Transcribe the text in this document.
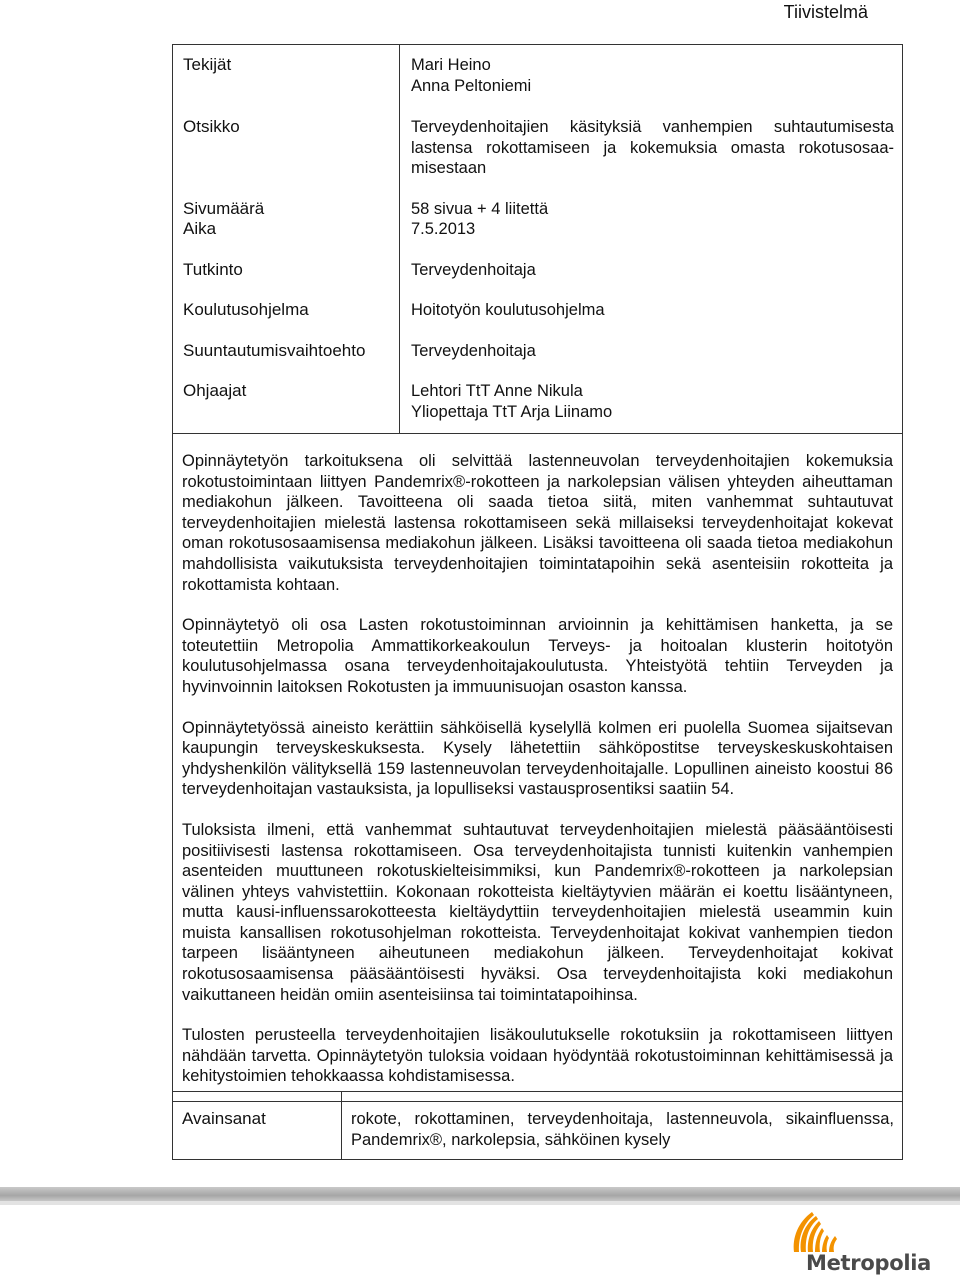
Tiivistelmä
Tekijät	Mari Heino
Anna Peltoniemi
Otsikko	Terveydenhoitajien käsityksiä vanhempien suhtautumisesta lastensa rokottamiseen ja kokemuksia omasta rokotusosaa-misestaan
Sivumäärä	58 sivua + 4 liitettä
Aika	7.5.2013
Tutkinto	Terveydenhoitaja
Koulutusohjelma	Hoitotyön koulutusohjelma
Suuntautumisvaihtoehto	Terveydenhoitaja
Ohjaajat	Lehtori TtT Anne Nikula
Yliopettaja TtT Arja Liinamo

Opinnäytetyön tarkoituksena oli selvittää lastenneuvolan terveydenhoitajien kokemuksia rokotustoimintaan liittyen Pandemrix®-rokotteen ja narkolepsian välisen yhteyden aiheuttaman mediakohun jälkeen. Tavoitteena oli saada tietoa siitä, miten vanhemmat suhtautuvat terveydenhoitajien mielestä lastensa rokottamiseen sekä millaiseksi terveydenhoitajat kokevat oman rokotusosaamisensa mediakohun jälkeen. Lisäksi tavoitteena oli saada tietoa mediakohun mahdollisista vaikutuksista terveydenhoitajien toimintatapoihin sekä asenteisiin rokotteita ja rokottamista kohtaan.

Opinnäytetyö oli osa Lasten rokotustoiminnan arvioinnin ja kehittämisen hanketta, ja se toteutettiin Metropolia Ammattikorkeakoulun Terveys- ja hoitoalan klusterin hoitotyön koulutusohjelmassa osana terveydenhoitajakoulutusta. Yhteistyötä tehtiin Terveyden ja hyvinvoinnin laitoksen Rokotusten ja immuunisuojan osaston kanssa.

Opinnäytetyössä aineisto kerättiin sähköisellä kyselyllä kolmen eri puolella Suomea sijaitsevan kaupungin terveyskeskuksesta. Kysely lähetettiin sähköpostitse terveyskeskuskohtaisen yhdyshenkilön välityksellä 159 lastenneuvolan terveydenhoitajalle. Lopullinen aineisto koostui 86 terveydenhoitajan vastauksista, ja lopulliseksi vastausprosentiksi saatiin 54.

Tuloksista ilmeni, että vanhemmat suhtautuvat terveydenhoitajien mielestä pääsääntöisesti positiivisesti lastensa rokottamiseen. Osa terveydenhoitajista tunnisti kuitenkin vanhempien asenteiden muuttuneen rokotuskielteisimmiksi, kun Pandemrix®-rokotteen ja narkolepsian välinen yhteys vahvistettiin. Kokonaan rokotteista kieltäytyvien määrän ei koettu lisääntyneen, mutta kausi-influenssarokotteesta kieltäydyttiin terveydenhoitajien mielestä useammin kuin muista kansallisen rokotusohjelman rokotteista. Terveydenhoitajat kokivat vanhempien tiedon tarpeen lisääntyneen aiheutuneen mediakohun jälkeen. Terveydenhoitajat kokivat rokotusosaamisensa pääsääntöisesti hyväksi. Osa terveydenhoitajista koki mediakohun vaikuttaneen heidän omiin asenteisiinsa tai toimintatapoihinsa.

Tulosten perusteella terveydenhoitajien lisäkoulutukselle rokotuksiin ja rokottamiseen liittyen nähdään tarvetta. Opinnäytetyön tuloksia voidaan hyödyntää rokotustoiminnan kehittämisessä ja kehitystoimien tehokkaassa kohdistamisessa.

Avainsanat	rokote, rokottaminen, terveydenhoitaja, lastenneuvola, sikainfluenssa, Pandemrix®, narkolepsia, sähköinen kysely
Metropolia
